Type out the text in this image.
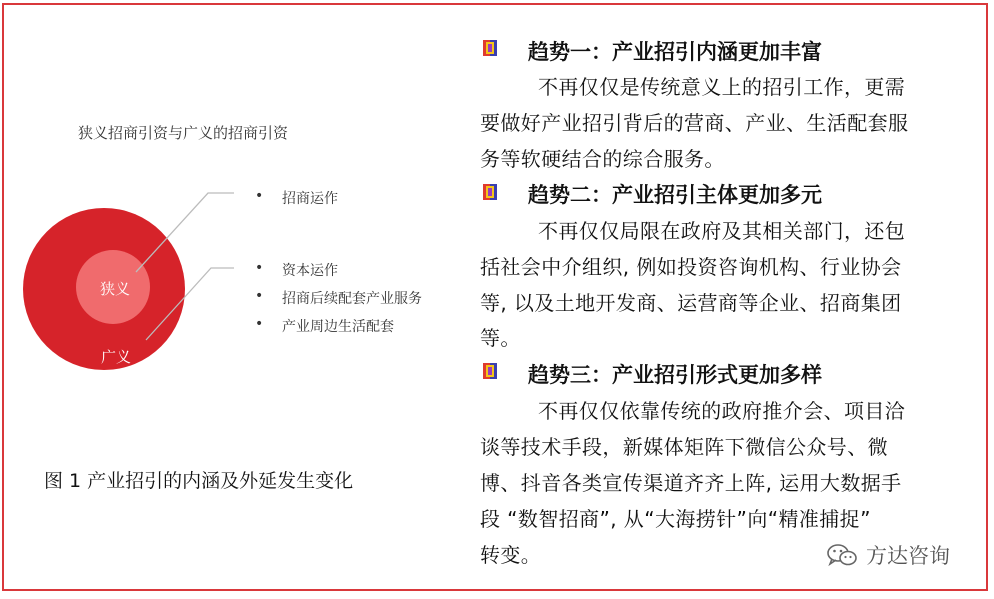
狭义招商引资与广义的招商引资
狭义
广义
• 招商运作
• 资本运作
• 招商后续配套产业服务
• 产业周边生活配套
图 1 产业招引的内涵及外延发生变化
趋势一：产业招引内涵更加丰富
不再仅仅是传统意义上的招引工作，更需
要做好产业招引背后的营商、产业、生活配套服
务等软硬结合的综合服务。
趋势二：产业招引主体更加多元
不再仅仅局限在政府及其相关部门，还包
括社会中介组织, 例如投资咨询机构、行业协会
等, 以及土地开发商、运营商等企业、招商集团
等。
趋势三：产业招引形式更加多样
不再仅仅依靠传统的政府推介会、项目洽
谈等技术手段，新媒体矩阵下微信公众号、微
博、抖音各类宣传渠道齐齐上阵, 运用大数据手
段 “数智招商”, 从“大海捞针”向“精准捕捉”
转变。	方达咨询
